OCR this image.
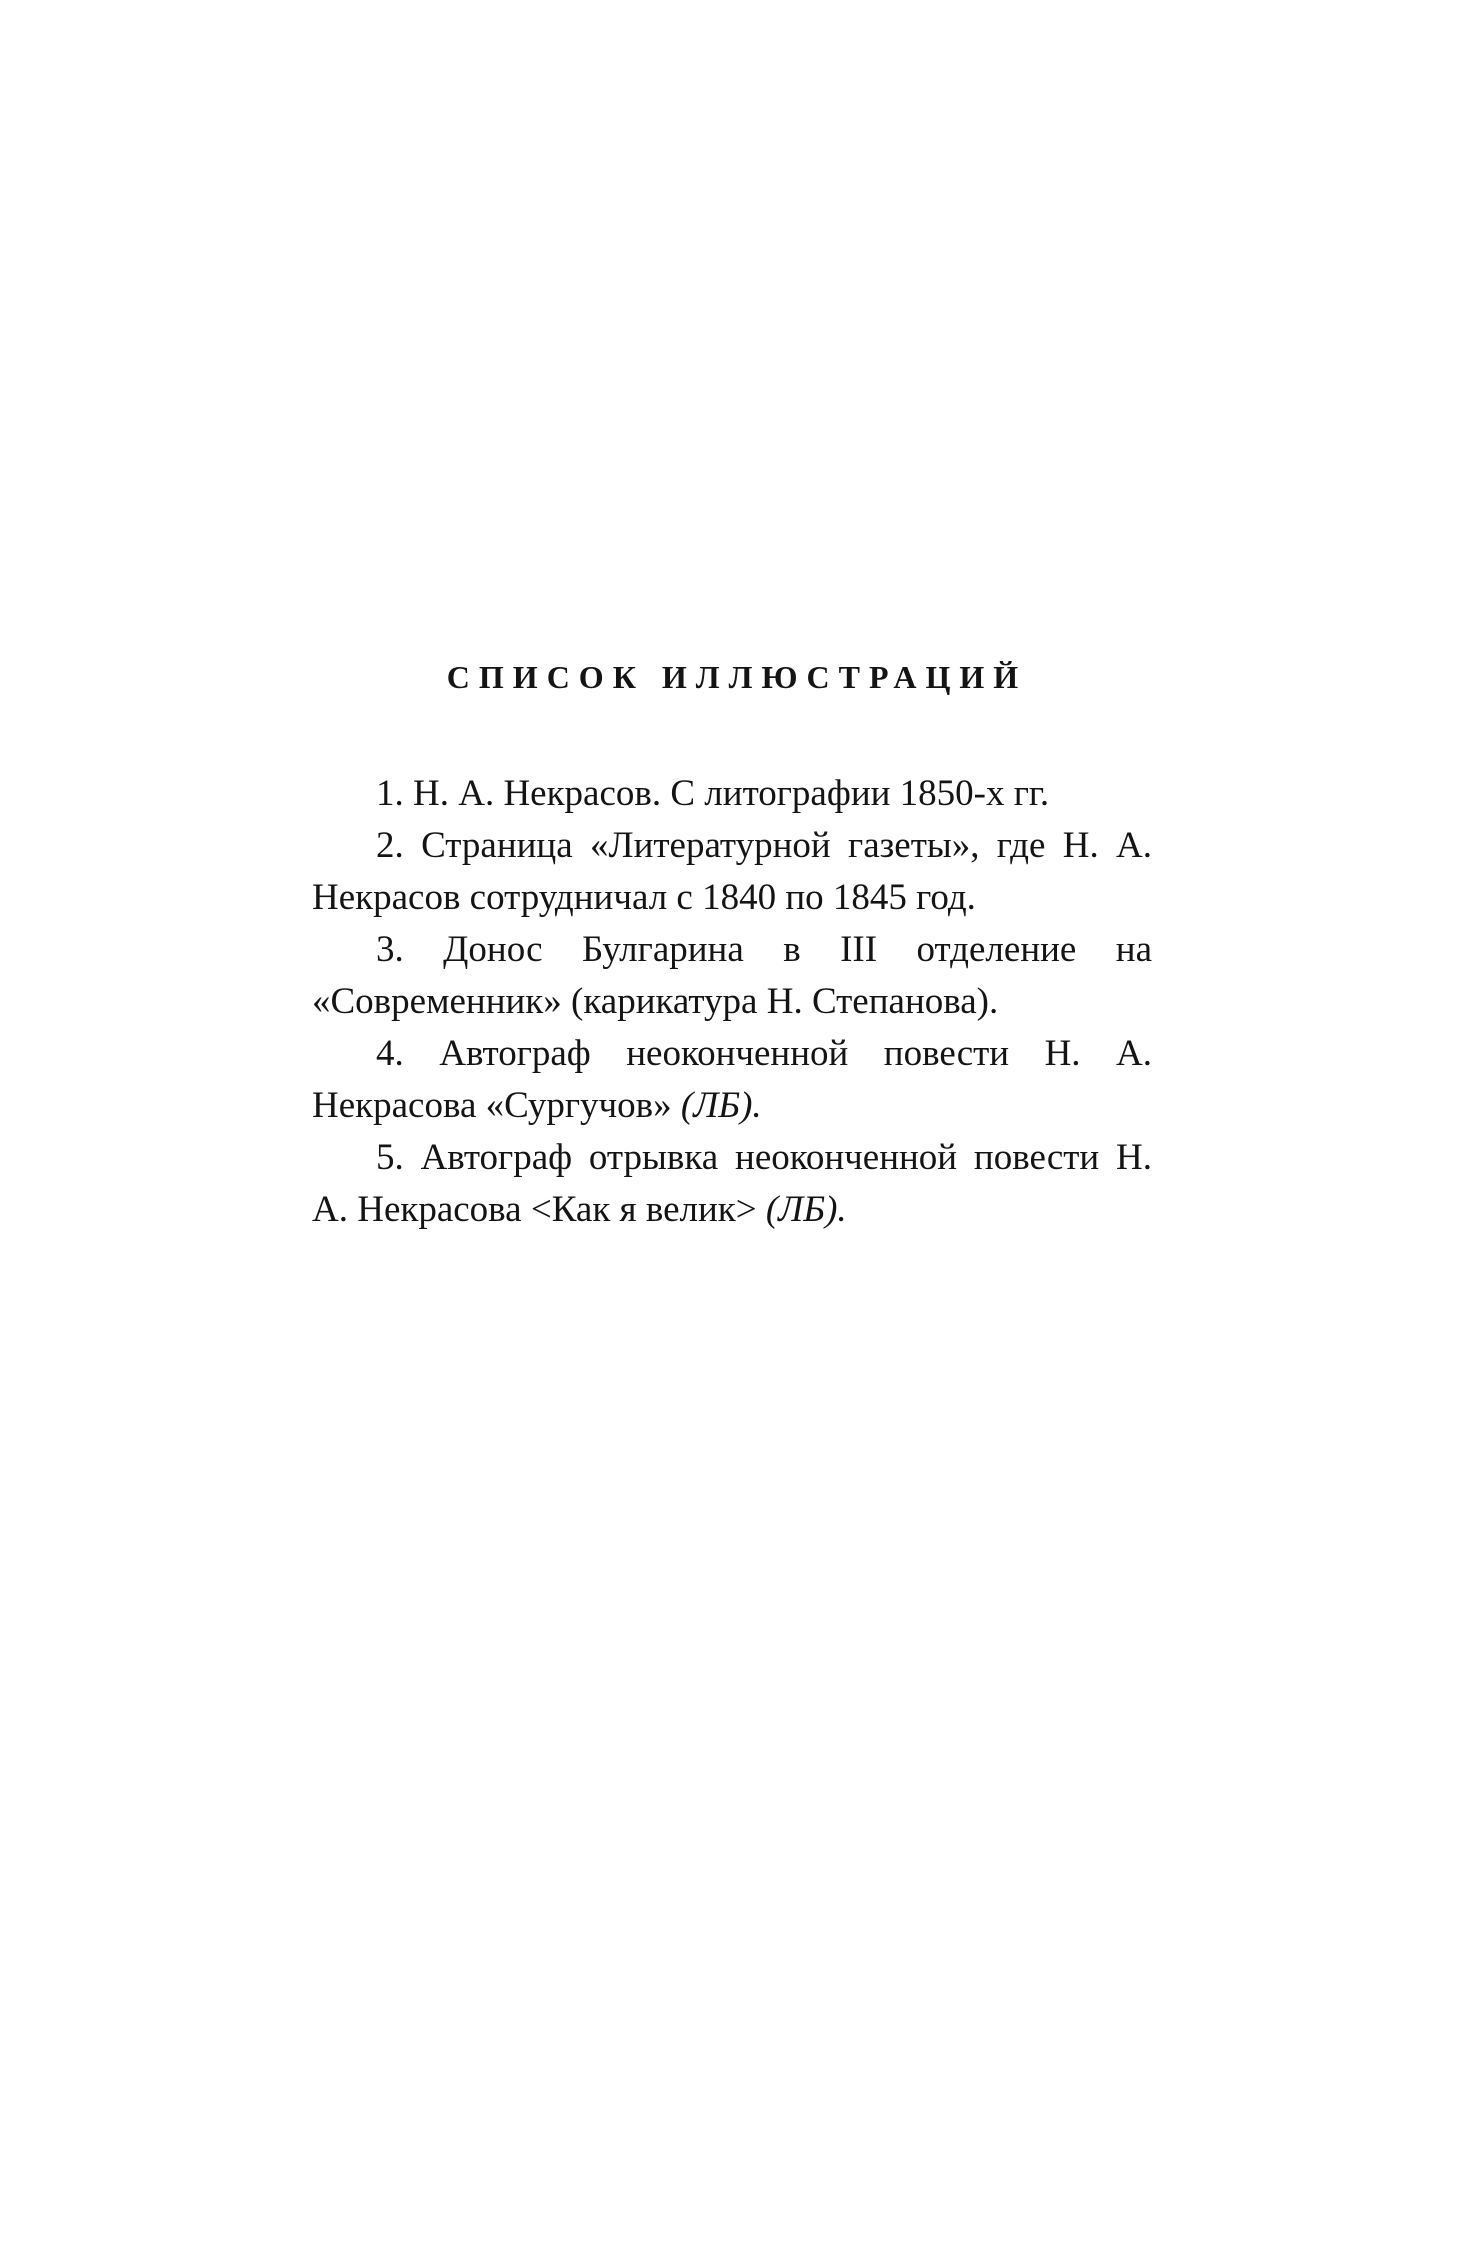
СПИСОК ИЛЛЮСТРАЦИЙ

1. Н. А. Некрасов. С литографии 1850-х гг.

2. Страница «Литературной газеты», где Н. А. Некрасов сотрудничал с 1840 по 1845 год.

3. Донос Булгарина в III отделение на «Современник» (карикатура Н. Степанова).

4. Автограф неоконченной повести Н. А. Некрасова «Сургучов» (ЛБ).

5. Автограф отрывка неоконченной повести Н. А. Некрасова <Как я велик> (ЛБ).
